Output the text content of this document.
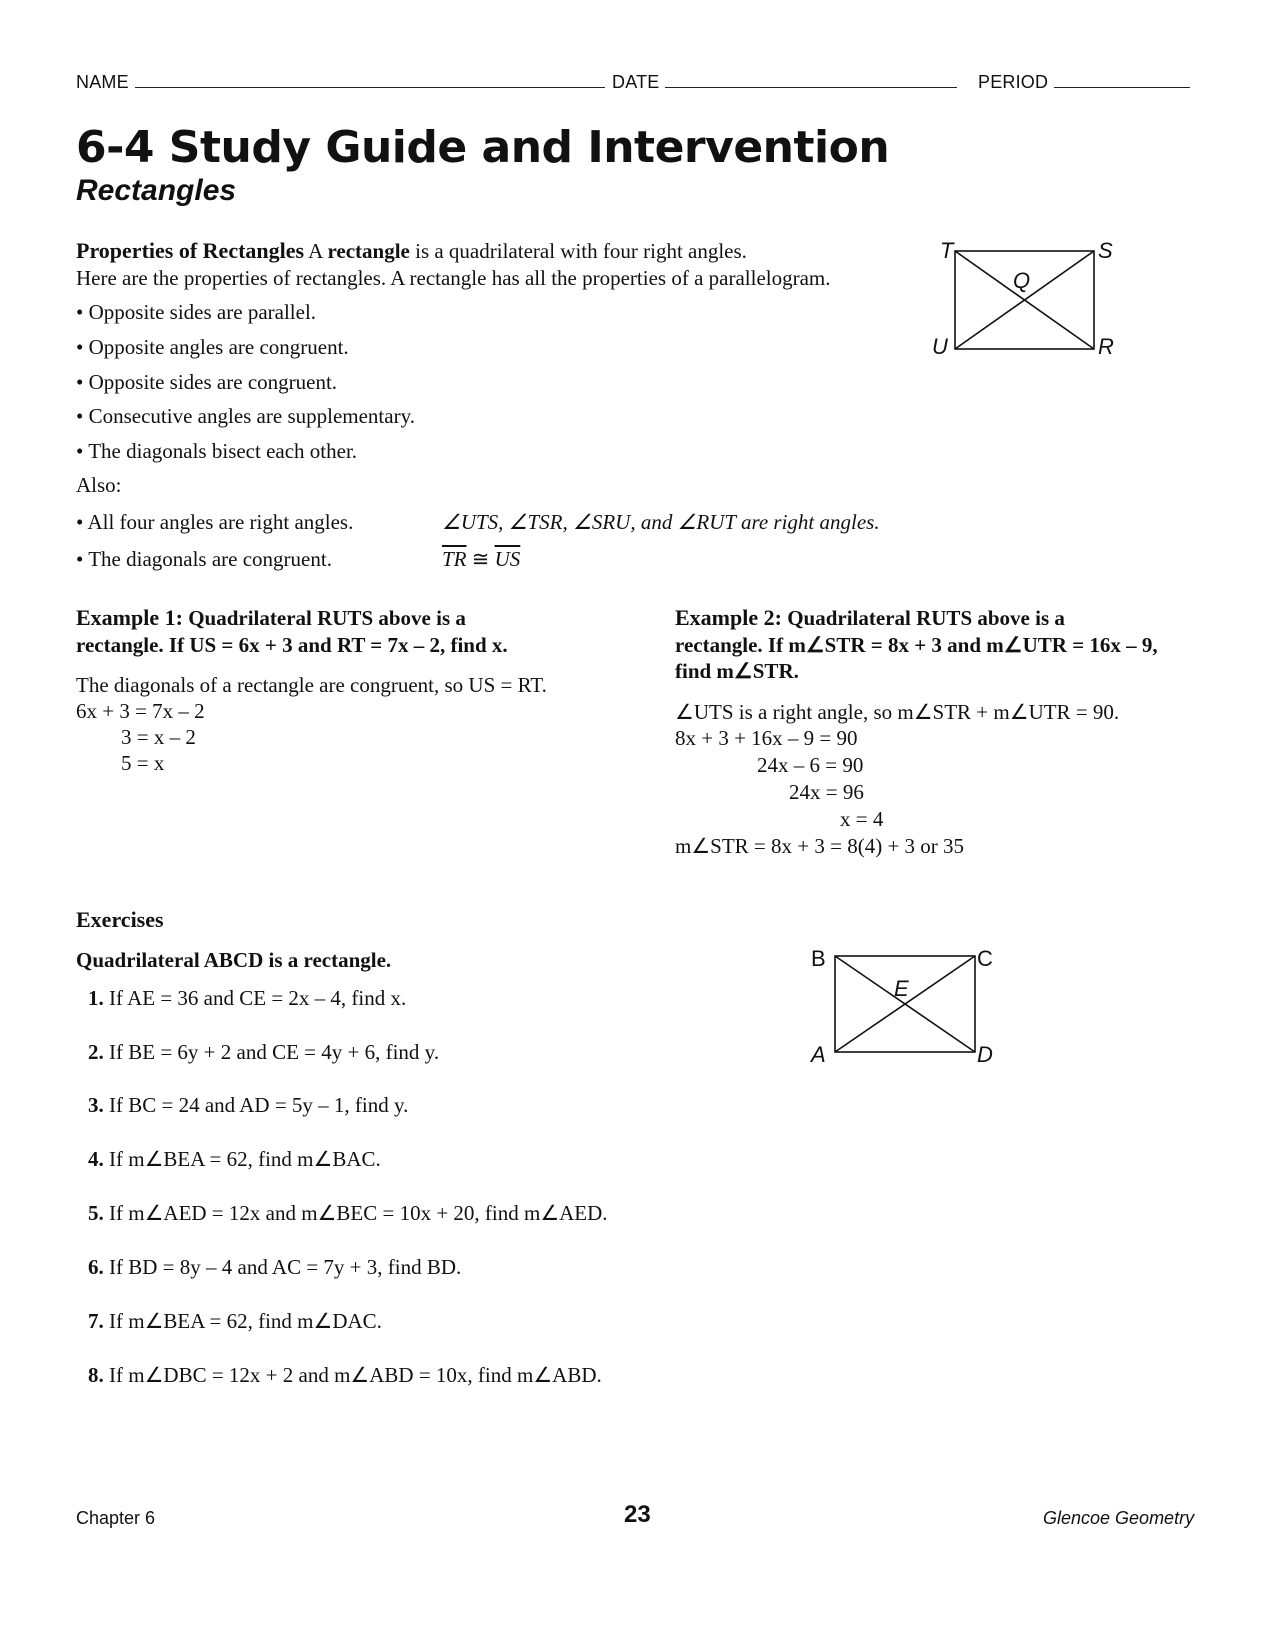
NAME	DATE	PERIOD
6-4 Study Guide and Intervention
Rectangles
Properties of Rectangles A rectangle is a quadrilateral with four right angles.
Here are the properties of rectangles. A rectangle has all the properties of a parallelogram.
• Opposite sides are parallel.
• Opposite angles are congruent.
• Opposite sides are congruent.
• Consecutive angles are supplementary.
• The diagonals bisect each other.
Also:
• All four angles are right angles.	∠UTS, ∠TSR, ∠SRU, and ∠RUT are right angles.
• The diagonals are congruent.	$\overline{TR}$ ≅ $\overline{US}$
T	S
Q
U	R
Example 1: Quadrilateral RUTS above is a
rectangle. If US = 6x + 3 and RT = 7x – 2, find x.
The diagonals of a rectangle are congruent, so US = RT.
6x + 3 = 7x – 2
3 = x – 2
5 = x
Example 2: Quadrilateral RUTS above is a
rectangle. If m∠STR = 8x + 3 and m∠UTR = 16x – 9,
find m∠STR.
∠UTS is a right angle, so m∠STR + m∠UTR = 90.
8x + 3 + 16x – 9 = 90
24x – 6 = 90
24x = 96
x = 4
m∠STR = 8x + 3 = 8(4) + 3 or 35
Exercises
Quadrilateral ABCD is a rectangle.
1. If AE = 36 and CE = 2x – 4, find x.
2. If BE = 6y + 2 and CE = 4y + 6, find y.
3. If BC = 24 and AD = 5y – 1, find y.
4. If m∠BEA = 62, find m∠BAC.
5. If m∠AED = 12x and m∠BEC = 10x + 20, find m∠AED.
6. If BD = 8y – 4 and AC = 7y + 3, find BD.
7. If m∠BEA = 62, find m∠DAC.
8. If m∠DBC = 12x + 2 and m∠ABD = 10x, find m∠ABD.
B	C
E
A	D
Chapter 6	23	Glencoe Geometry
